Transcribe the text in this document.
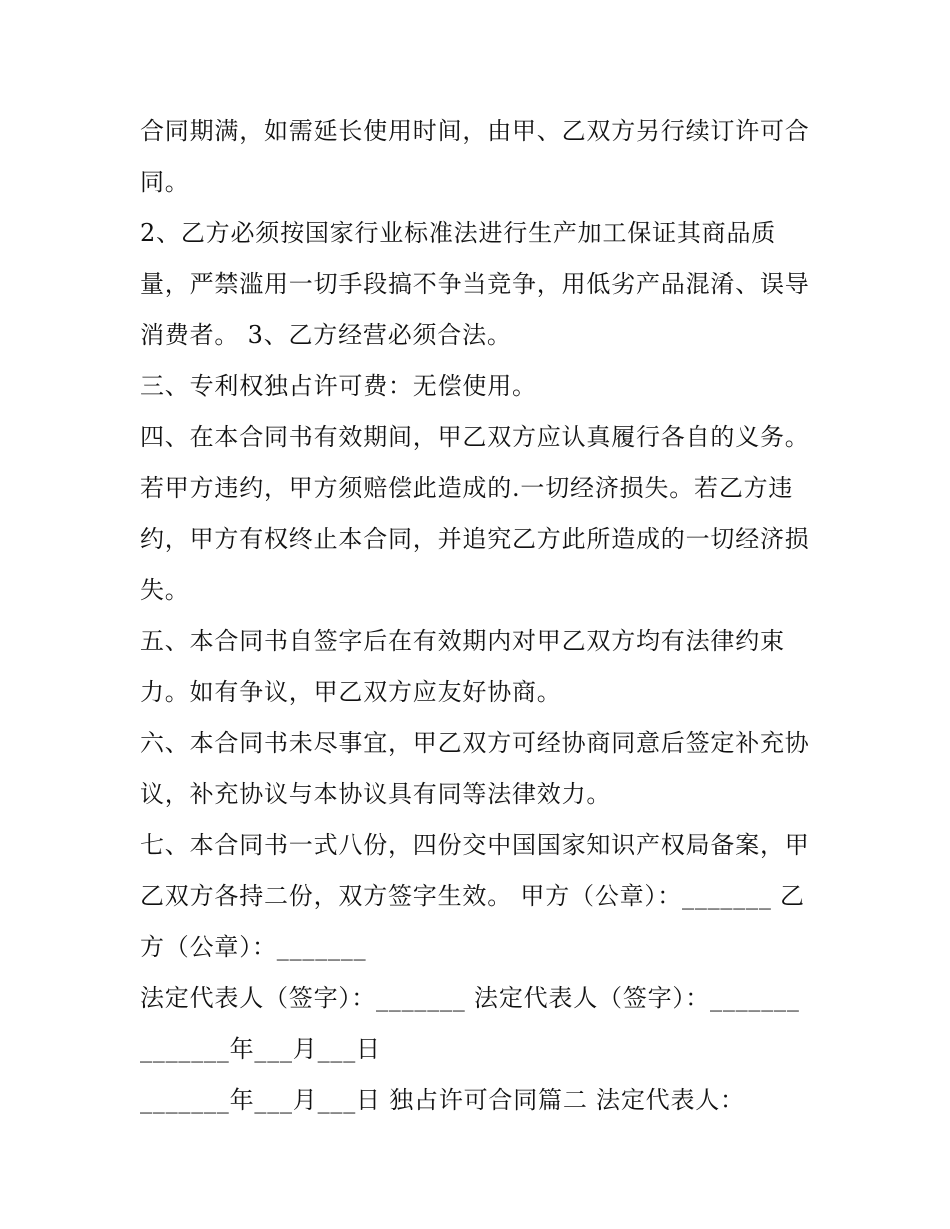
合同期满，如需延长使用时间，由甲、乙双方另行续订许可合
同。
2、乙方必须按国家行业标准法进行生产加工保证其商品质
量，严禁滥用一切手段搞不争当竞争，用低劣产品混淆、误导
消费者。 3、乙方经营必须合法。
三、专利权独占许可费：无偿使用。
四、在本合同书有效期间，甲乙双方应认真履行各自的义务。
若甲方违约，甲方须赔偿此造成的.一切经济损失。若乙方违
约，甲方有权终止本合同，并追究乙方此所造成的一切经济损
失。
五、本合同书自签字后在有效期内对甲乙双方均有法律约束
力。如有争议，甲乙双方应友好协商。
六、本合同书未尽事宜，甲乙双方可经协商同意后签定补充协
议，补充协议与本协议具有同等法律效力。
七、本合同书一式八份，四份交中国国家知识产权局备案，甲
乙双方各持二份，双方签字生效。 甲方（公章）：_______ 乙
方（公章）：_______
法定代表人（签字）：_______ 法定代表人（签字）：_______
_______年___月___日
_______年___月___日 独占许可合同篇二 法定代表人：
